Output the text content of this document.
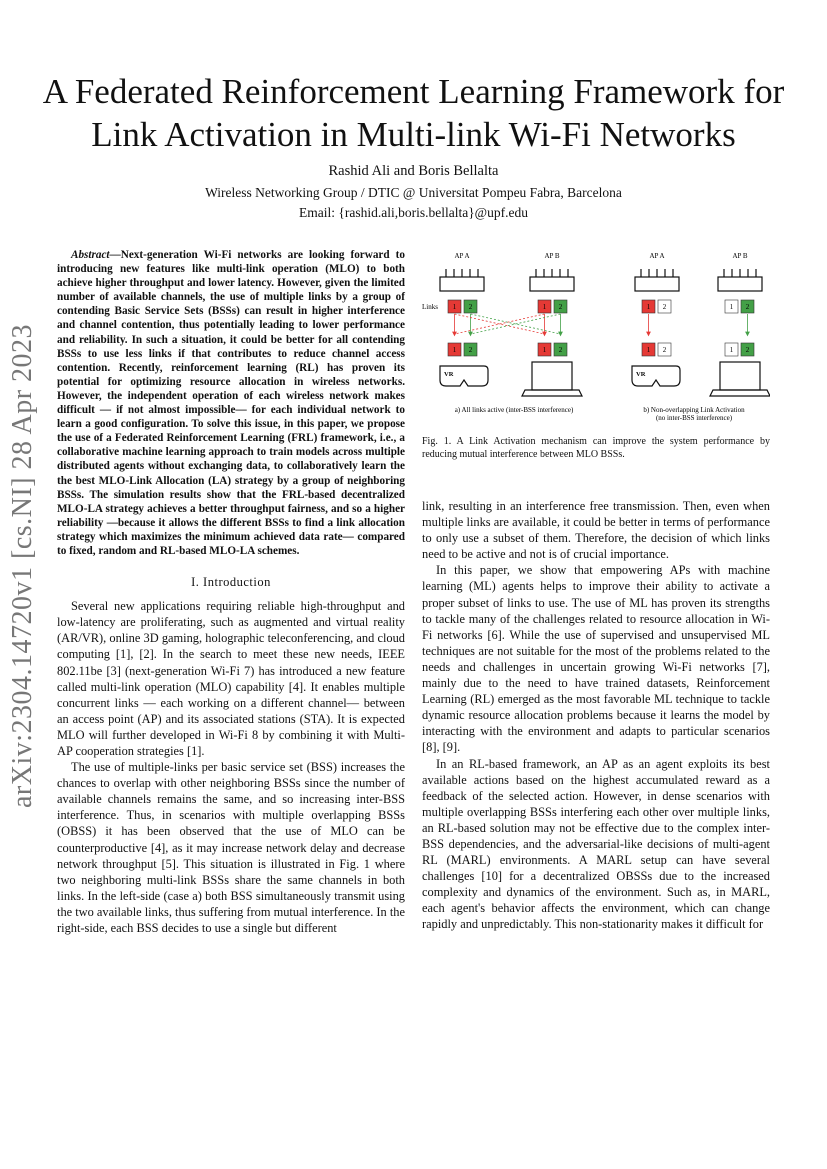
A Federated Reinforcement Learning Framework for Link Activation in Multi-link Wi-Fi Networks
Rashid Ali and Boris Bellalta
Wireless Networking Group / DTIC @ Universitat Pompeu Fabra, Barcelona
Email: {rashid.ali,boris.bellalta}@upf.edu
arXiv:2304.14720v1 [cs.NI] 28 Apr 2023

Abstract—Next-generation Wi-Fi networks are looking forward to introducing new features like multi-link operation (MLO) to both achieve higher throughput and lower latency. However, given the limited number of available channels, the use of multiple links by a group of contending Basic Service Sets (BSSs) can result in higher interference and channel contention, thus potentially leading to lower performance and reliability. In such a situation, it could be better for all contending BSSs to use less links if that contributes to reduce channel access contention. Recently, reinforcement learning (RL) has proven its potential for optimizing resource allocation in wireless networks. However, the independent operation of each wireless network makes difficult — if not almost impossible— for each individual network to learn a good configuration. To solve this issue, in this paper, we propose the use of a Federated Reinforcement Learning (FRL) framework, i.e., a collaborative machine learning approach to train models across multiple distributed agents without exchanging data, to collaboratively learn the the best MLO-Link Allocation (LA) strategy by a group of neighboring BSSs. The simulation results show that the FRL-based decentralized MLO-LA strategy achieves a better throughput fairness, and so a higher reliability —because it allows the different BSSs to find a link allocation strategy which maximizes the minimum achieved data rate— compared to fixed, random and RL-based MLO-LA schemes.

I. Introduction

Several new applications requiring reliable high-throughput and low-latency are proliferating, such as augmented and virtual reality (AR/VR), online 3D gaming, holographic teleconferencing, and cloud computing [1], [2]. In the search to meet these new needs, IEEE 802.11be [3] (next-generation Wi-Fi 7) has introduced a new feature called multi-link operation (MLO) capability [4]. It enables multiple concurrent links — each working on a different channel— between an access point (AP) and its associated stations (STA). It is expected MLO will further developed in Wi-Fi 8 by combining it with Multi-AP cooperation strategies [1].

The use of multiple-links per basic service set (BSS) increases the chances to overlap with other neighboring BSSs since the number of available channels remains the same, and so increasing inter-BSS interference. Thus, in scenarios with multiple overlapping BSSs (OBSS) it has been observed that the use of MLO can be counterproductive [4], as it may increase network delay and decrease network throughput [5]. This situation is illustrated in Fig. 1 where two neighboring multi-link BSSs share the same channels in both links. In the left-side (case a) both BSS simultaneously transmit using the two available links, thus suffering from mutual interference. In the right-side, each BSS decides to use a single but different

AP A	AP B	AP A	AP B
Links 1 2	1 2	1 2	1 2
1 2	1 2	1 2	1 2
VR	VR
a) All links active (inter-BSS interference)	b) Non-overlapping Link Activation
(no inter-BSS interference)
Fig. 1. A Link Activation mechanism can improve the system performance by reducing mutual interference between MLO BSSs.

link, resulting in an interference free transmission. Then, even when multiple links are available, it could be better in terms of performance to only use a subset of them. Therefore, the decision of which links need to be active and not is of crucial importance.

In this paper, we show that empowering APs with machine learning (ML) agents helps to improve their ability to activate a proper subset of links to use. The use of ML has proven its strengths to tackle many of the challenges related to resource allocation in Wi-Fi networks [6]. While the use of supervised and unsupervised ML techniques are not suitable for the most of the problems related to the needs and challenges in uncertain growing Wi-Fi networks [7], mainly due to the need to have trained datasets, Reinforcement Learning (RL) emerged as the most favorable ML technique to tackle dynamic resource allocation problems because it learns the model by interacting with the environment and adapts to particular scenarios [8], [9].

In an RL-based framework, an AP as an agent exploits its best available actions based on the highest accumulated reward as a feedback of the selected action. However, in dense scenarios with multiple overlapping BSSs interfering each other over multiple links, an RL-based solution may not be effective due to the complex inter-BSS dependencies, and the adversarial-like decisions of multi-agent RL (MARL) environments. A MARL setup can have several challenges [10] for a decentralized OBSSs due to the increased complexity and dynamics of the environment. Such as, in MARL, each agent's behavior affects the environment, which can change rapidly and unpredictably. This non-stationarity makes it difficult for
